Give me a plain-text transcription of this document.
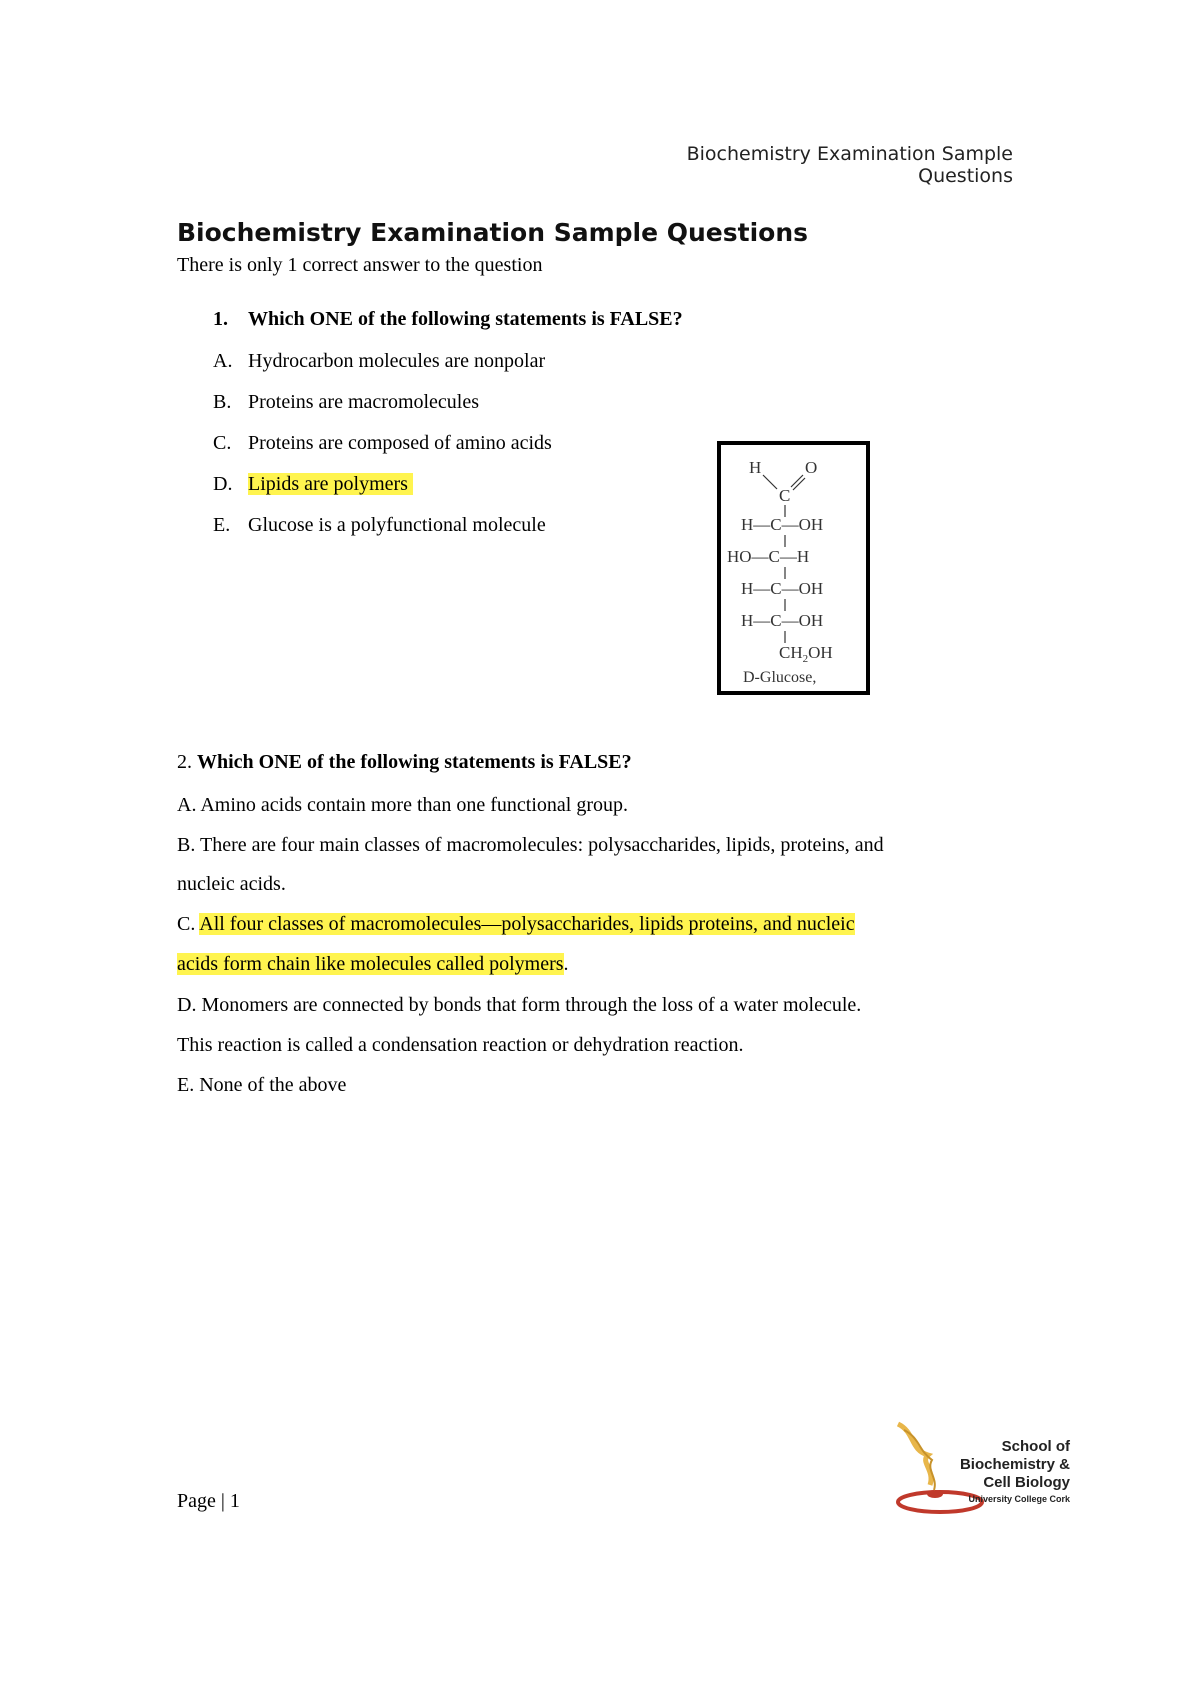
Biochemistry Examination Sample Questions
Biochemistry Examination Sample Questions
There is only 1 correct answer to the question
1. Which ONE of the following statements is FALSE?
A. Hydrocarbon molecules are nonpolar
B. Proteins are macromolecules
C. Proteins are composed of amino acids
D. Lipids are polymers
E. Glucose is a polyfunctional molecule
H	O
C
H—C—OH
HO—C—H
H—C—OH
H—C—OH
$CH_2OH$
D-Glucose,
2. Which ONE of the following statements is FALSE?
A. Amino acids contain more than one functional group.
B. There are four main classes of macromolecules: polysaccharides, lipids, proteins, and
nucleic acids.
C. All four classes of macromolecules—polysaccharides, lipids proteins, and nucleic
acids form chain like molecules called polymers.
D. Monomers are connected by bonds that form through the loss of a water molecule.
This reaction is called a condensation reaction or dehydration reaction.
E. None of the above
Page | 1
School of
Biochemistry &
Cell Biology
University College Cork
